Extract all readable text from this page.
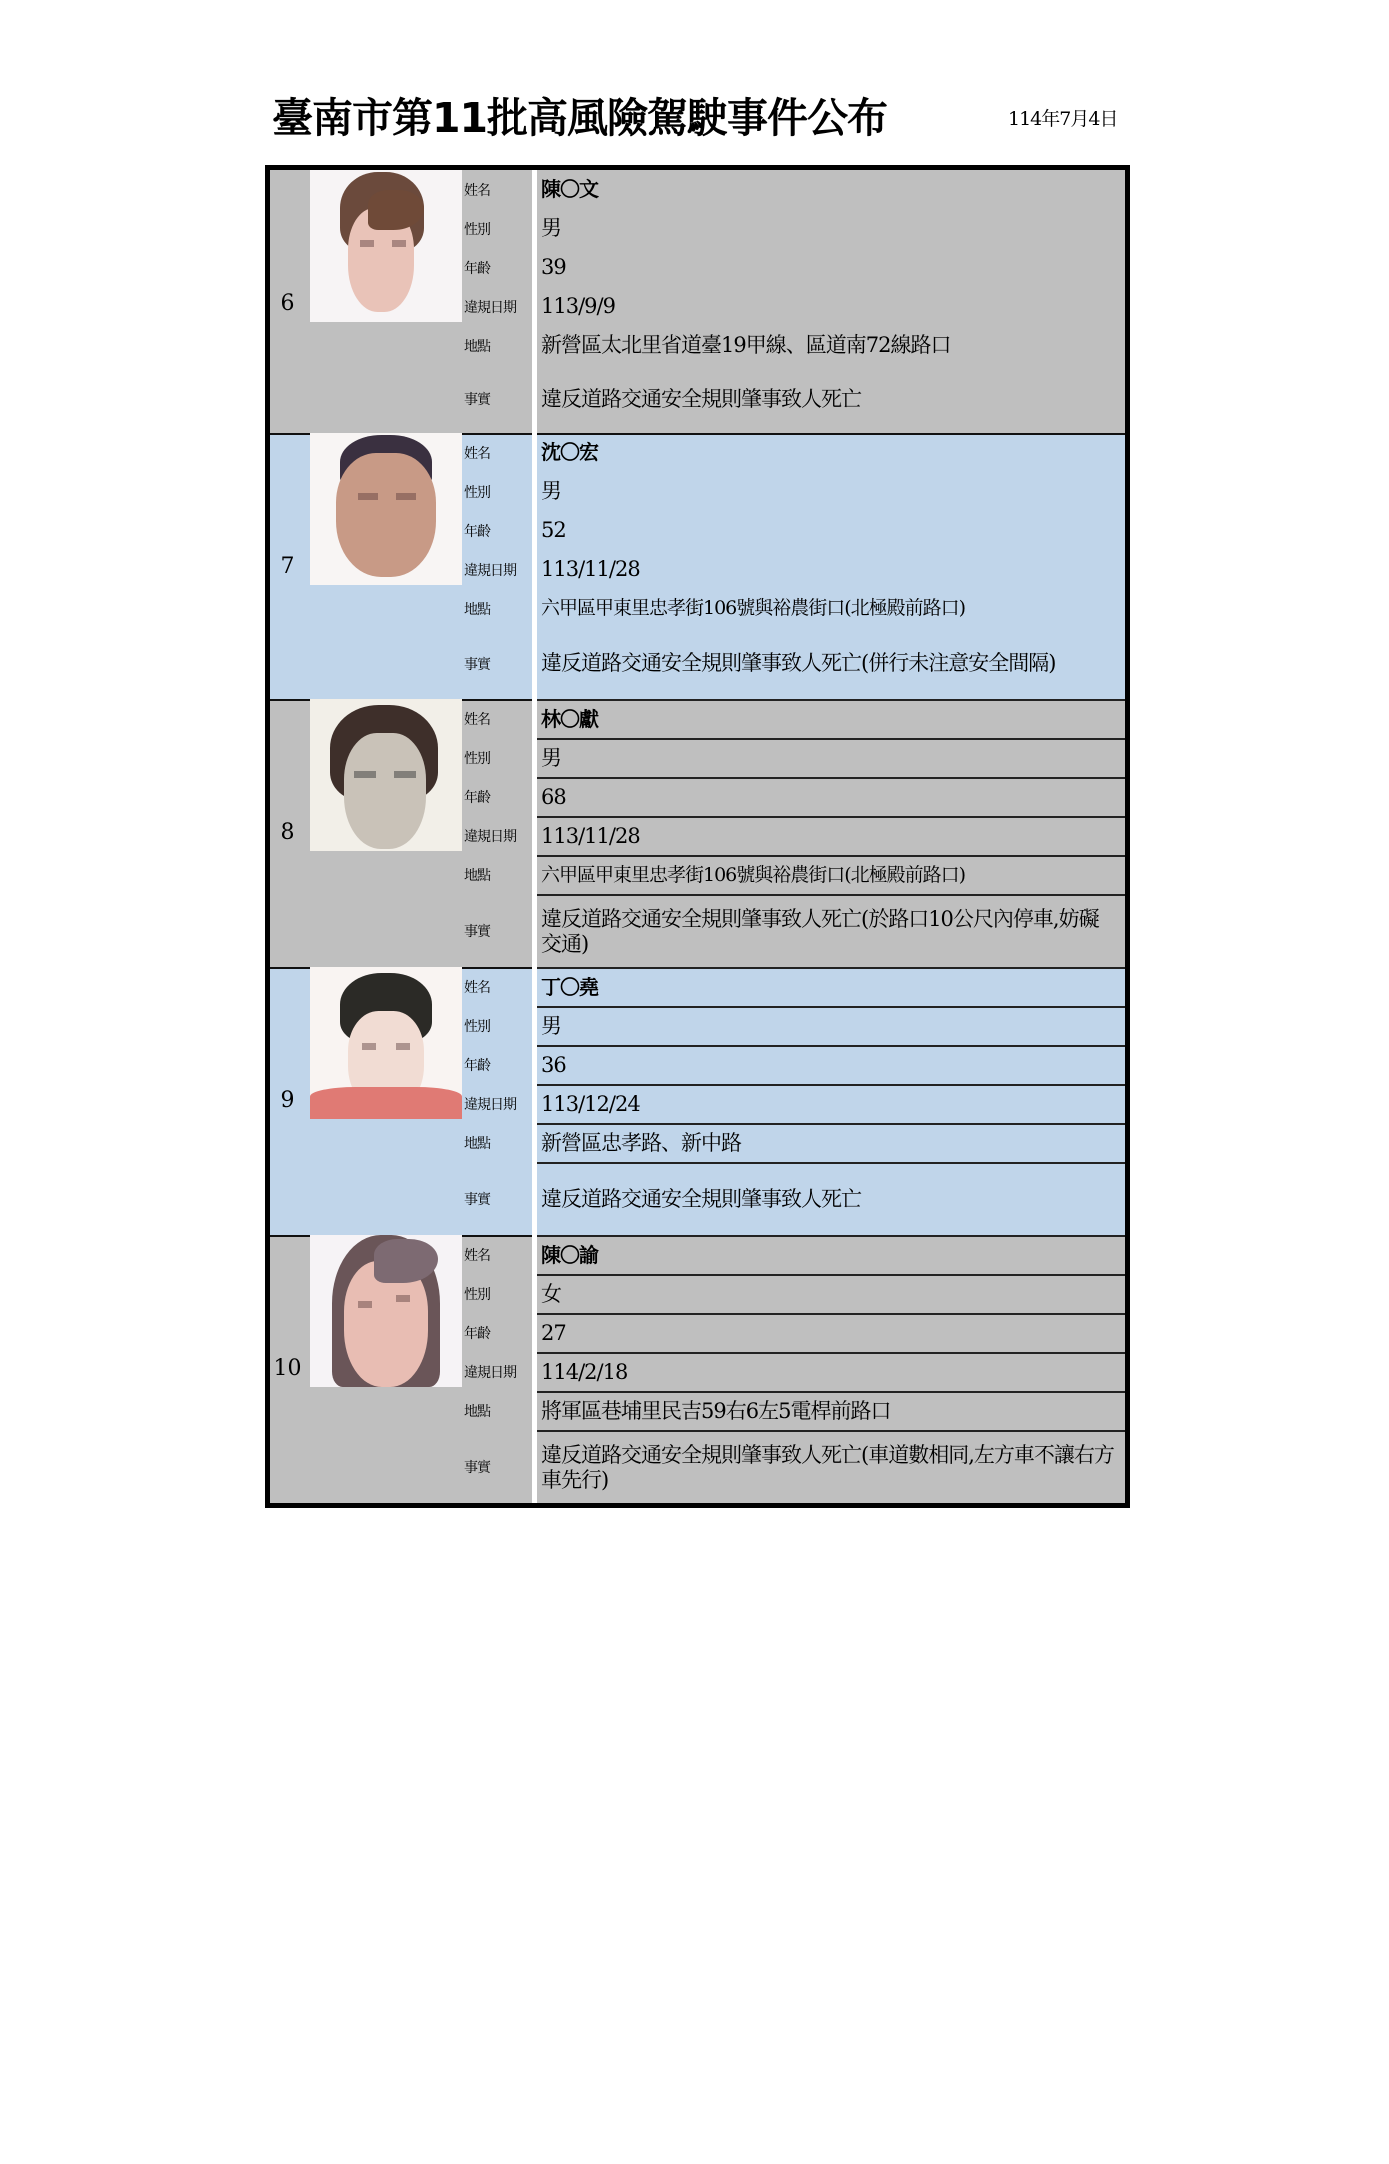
臺南市第11批高風險駕駛事件公布	114年7月4日
6
姓名
性別
年齡
違規日期
地點
事實
陳〇文
男
39
113/9/9
新營區太北里省道臺19甲線、區道南72線路口
違反道路交通安全規則肇事致人死亡
7
姓名
性別
年齡
違規日期
地點
事實
沈〇宏
男
52
113/11/28
六甲區甲東里忠孝街106號與裕農街口(北極殿前路口)
違反道路交通安全規則肇事致人死亡(併行未注意安全間隔)
8
姓名
性別
年齡
違規日期
地點
事實
林〇獻
男
68
113/11/28
六甲區甲東里忠孝街106號與裕農街口(北極殿前路口)
違反道路交通安全規則肇事致人死亡(於路口10公尺內停車,妨礙交通)
9
姓名
性別
年齡
違規日期
地點
事實
丁〇堯
男
36
113/12/24
新營區忠孝路、新中路
違反道路交通安全規則肇事致人死亡
10
姓名
性別
年齡
違規日期
地點
事實
陳〇諭
女
27
114/2/18
將軍區巷埔里民吉59右6左5電桿前路口
違反道路交通安全規則肇事致人死亡(車道數相同,左方車不讓右方車先行)
